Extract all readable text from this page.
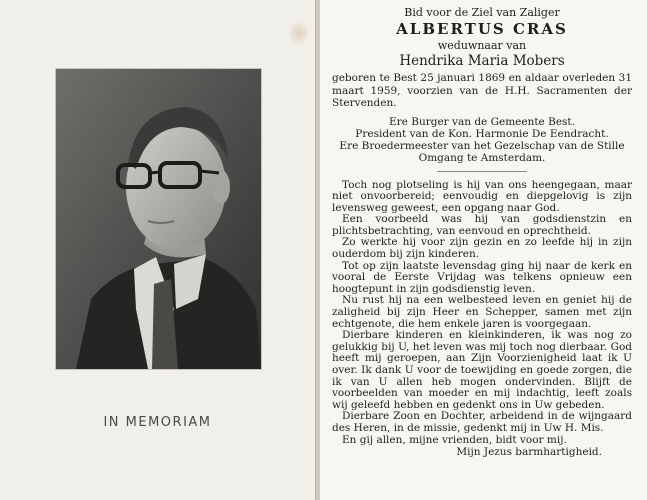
IN MEMORIAM

Bid voor de Ziel van Zaliger

ALBERTUS CRAS

weduwnaar van

Hendrika Maria Mobers

geboren te Best 25 januari 1869 en aldaar overleden 31 maart 1959, voorzien van de H.H. Sacramenten der Stervenden.

Ere Burger van de Gemeente Best.

President van de Kon. Harmonie De Eendracht.

Ere Broedermeester van het Gezelschap van de Stille Omgang te Amsterdam.

Toch nog plotseling is hij van ons heengegaan, maar niet onvoorbereid; eenvoudig en diepgelovig is zijn levensweg geweest, een opgang naar God.

Een voorbeeld was hij van godsdienstzin en plichtsbetrachting, van eenvoud en oprechtheid.

Zo werkte hij voor zijn gezin en zo leefde hij in zijn ouderdom bij zijn kinderen.

Tot op zijn laatste levensdag ging hij naar de kerk en vooral de Eerste Vrijdag was telkens opnieuw een hoogtepunt in zijn godsdienstig leven.

Nu rust hij na een welbesteed leven en geniet hij de zaligheid bij zijn Heer en Schepper, samen met zijn echtgenote, die hem enkele jaren is voorgegaan.

Dierbare kinderen en kleinkinderen, ik was nog zo gelukkig bij U, het leven was mij toch nog dierbaar. God heeft mij geroepen, aan Zijn Voorzienigheid laat ik U over. Ik dank U voor de toewijding en goede zorgen, die ik van U allen heb mogen ondervinden. Blijft de voorbeelden van moeder en mij indachtig, leeft zoals wij geleefd hebben en gedenkt ons in Uw gebeden.

Dierbare Zoon en Dochter, arbeidend in de wijngaard des Heren, in de missie, gedenkt mij in Uw H. Mis.

En gij allen, mijne vrienden, bidt voor mij.

Mijn Jezus barmhartigheid.
